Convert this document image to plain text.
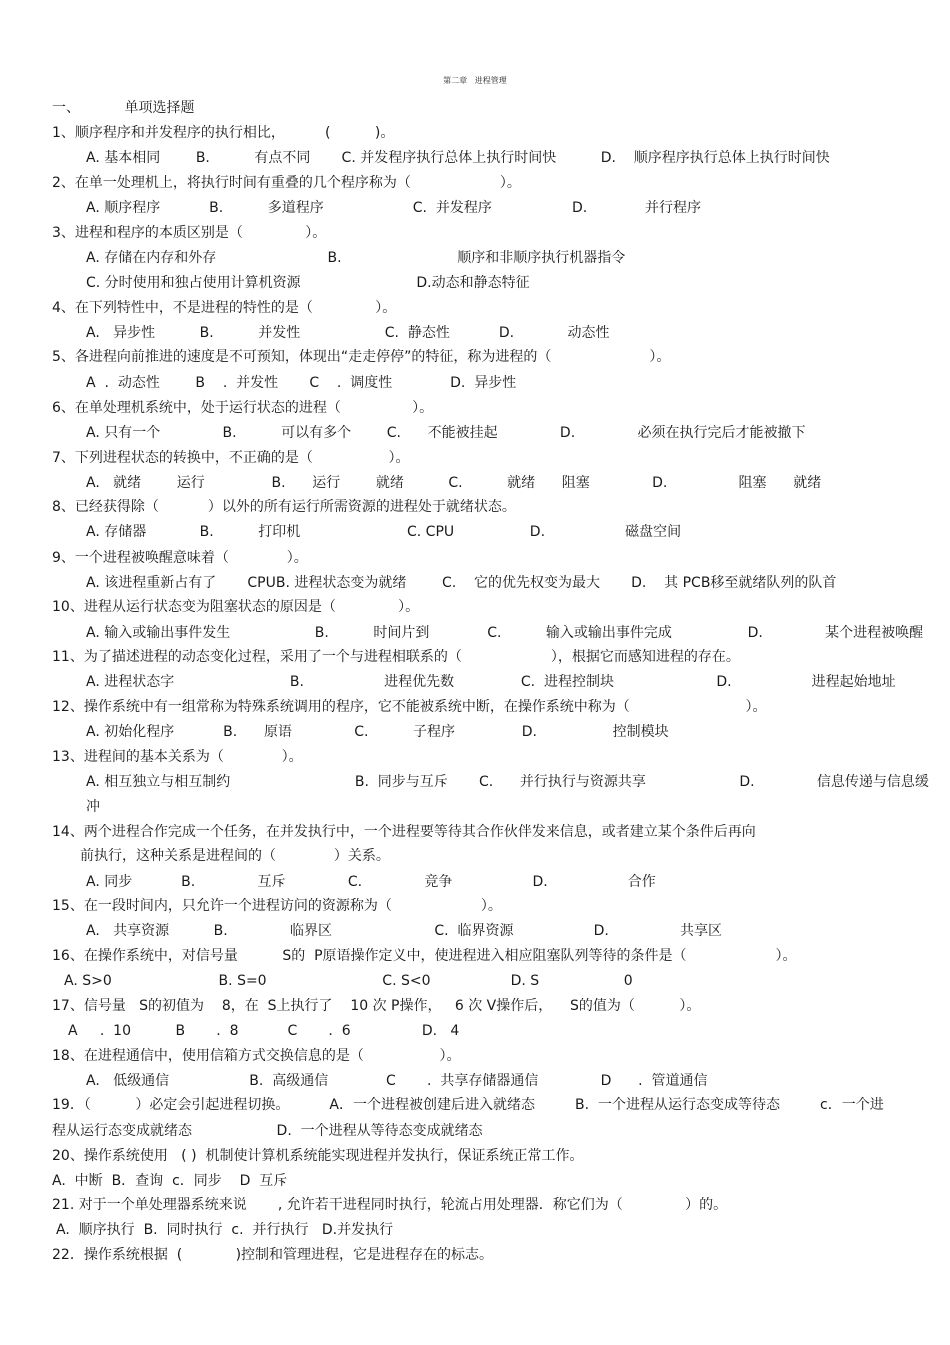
第二章   进程管理
一、          单项选择题
1、顺序程序和并发程序的执行相比，         (          )。
A. 基本相同        B.          有点不同       C. 并发程序执行总体上执行时间快          D.    顺序程序执行总体上执行时间快
2、在单一处理机上，将执行时间有重叠的几个程序称为（                    ）。
A. 顺序程序           B.          多道程序                    C.  并发程序                  D.             并行程序
3、进程和程序的本质区别是（              ）。
A. 存储在内存和外存                         B.                          顺序和非顺序执行机器指令
C. 分时使用和独占使用计算机资源                          D.动态和静态特征
4、在下列特性中，不是进程的特性的是（              ）。
A.   异步性          B.          并发性                   C.  静态性           D.            动态性
5、各进程向前推进的速度是不可预知，体现出“走走停停”的特征，称为进程的（                      ）。
A  .  动态性        B    .  并发性       C    .  调度性             D.  异步性
6、在单处理机系统中，处于运行状态的进程（                ）。
A. 只有一个              B.          可以有多个        C.      不能被挂起              D.              必须在执行完后才能被撤下
7、下列进程状态的转换中，不正确的是（                 ）。
A.   就绪        运行               B.      运行        就绪          C.          就绪      阻塞              D.                阻塞      就绪
8、已经获得除（           ）以外的所有运行所需资源的进程处于就绪状态。
A. 存储器            B.          打印机                        C. CPU                 D.                  磁盘空间
9、一个进程被唤醒意味着（             ）。
A. 该进程重新占有了       CPUB. 进程状态变为就绪        C.    它的优先权变为最大       D.    其 PCB移至就绪队列的队首
10、进程从运行状态变为阻塞状态的原因是（              ）。
A. 输入或输出事件发生                   B.          时间片到             C.          输入或输出事件完成                 D.              某个进程被唤醒
11、为了描述进程的动态变化过程，采用了一个与进程相联系的（                    ），根据它而感知进程的存在。
A. 进程状态字                          B.                  进程优先数               C.  进程控制块                       D.                  进程起始地址
12、操作系统中有一组常称为特殊系统调用的程序，它不能被系统中断，在操作系统中称为（                          ）。
A. 初始化程序           B.      原语              C.          子程序               D.                 控制模块
13、进程间的基本关系为（             ）。
A. 相互独立与相互制约                            B.  同步与互斥       C.      并行执行与资源共享                     D.              信息传递与信息缓
冲
14、两个进程合作完成一个任务，在并发执行中，一个进程要等待其合作伙伴发来信息，或者建立某个条件后再向
前执行，这种关系是进程间的（             ）关系。
A. 同步           B.              互斥              C.              竞争                  D.                  合作
15、在一段时间内，只允许一个进程访问的资源称为（                    ）。
A.   共享资源          B.              临界区                       C.  临界资源                  D.                共享区
16、在操作系统中，对信号量          S的  P原语操作定义中，使进程进入相应阻塞队列等待的条件是（                    ）。
A. S>0                        B. S=0                          C. S<0                  D. S                   0
17、信号量   S的初值为    8，在  S上执行了    10 次 P操作，   6 次 V操作后，    S的值为（          ）。
A     .  10          B       .  8           C       .  6                D.   4
18、在进程通信中，使用信箱方式交换信息的是（                 ）。
A.   低级通信                  B.  高级通信             C       .  共享存储器通信              D      .  管道通信
19．（          ）必定会引起进程切换。         A．一个进程被创建后进入就绪态         B.  一个进程从运行态变成等待态         c．一个进
程从运行态变成就绪态                   D.  一个进程从等待态变成就绪态
20、操作系统使用   ( )  机制使计算机系统能实现进程并发执行，保证系统正常工作。
A.  中断  B．查询  c．同步    D  互斥
21. 对于一个单处理器系统来说       , 允许若干进程同时执行，轮流占用处理器．称它们为（              ）的。
A.  顺序执行  B.  同时执行  c.  并行执行   D.并发执行
22．操作系统根据  (            )控制和管理进程，它是进程存在的标志。
